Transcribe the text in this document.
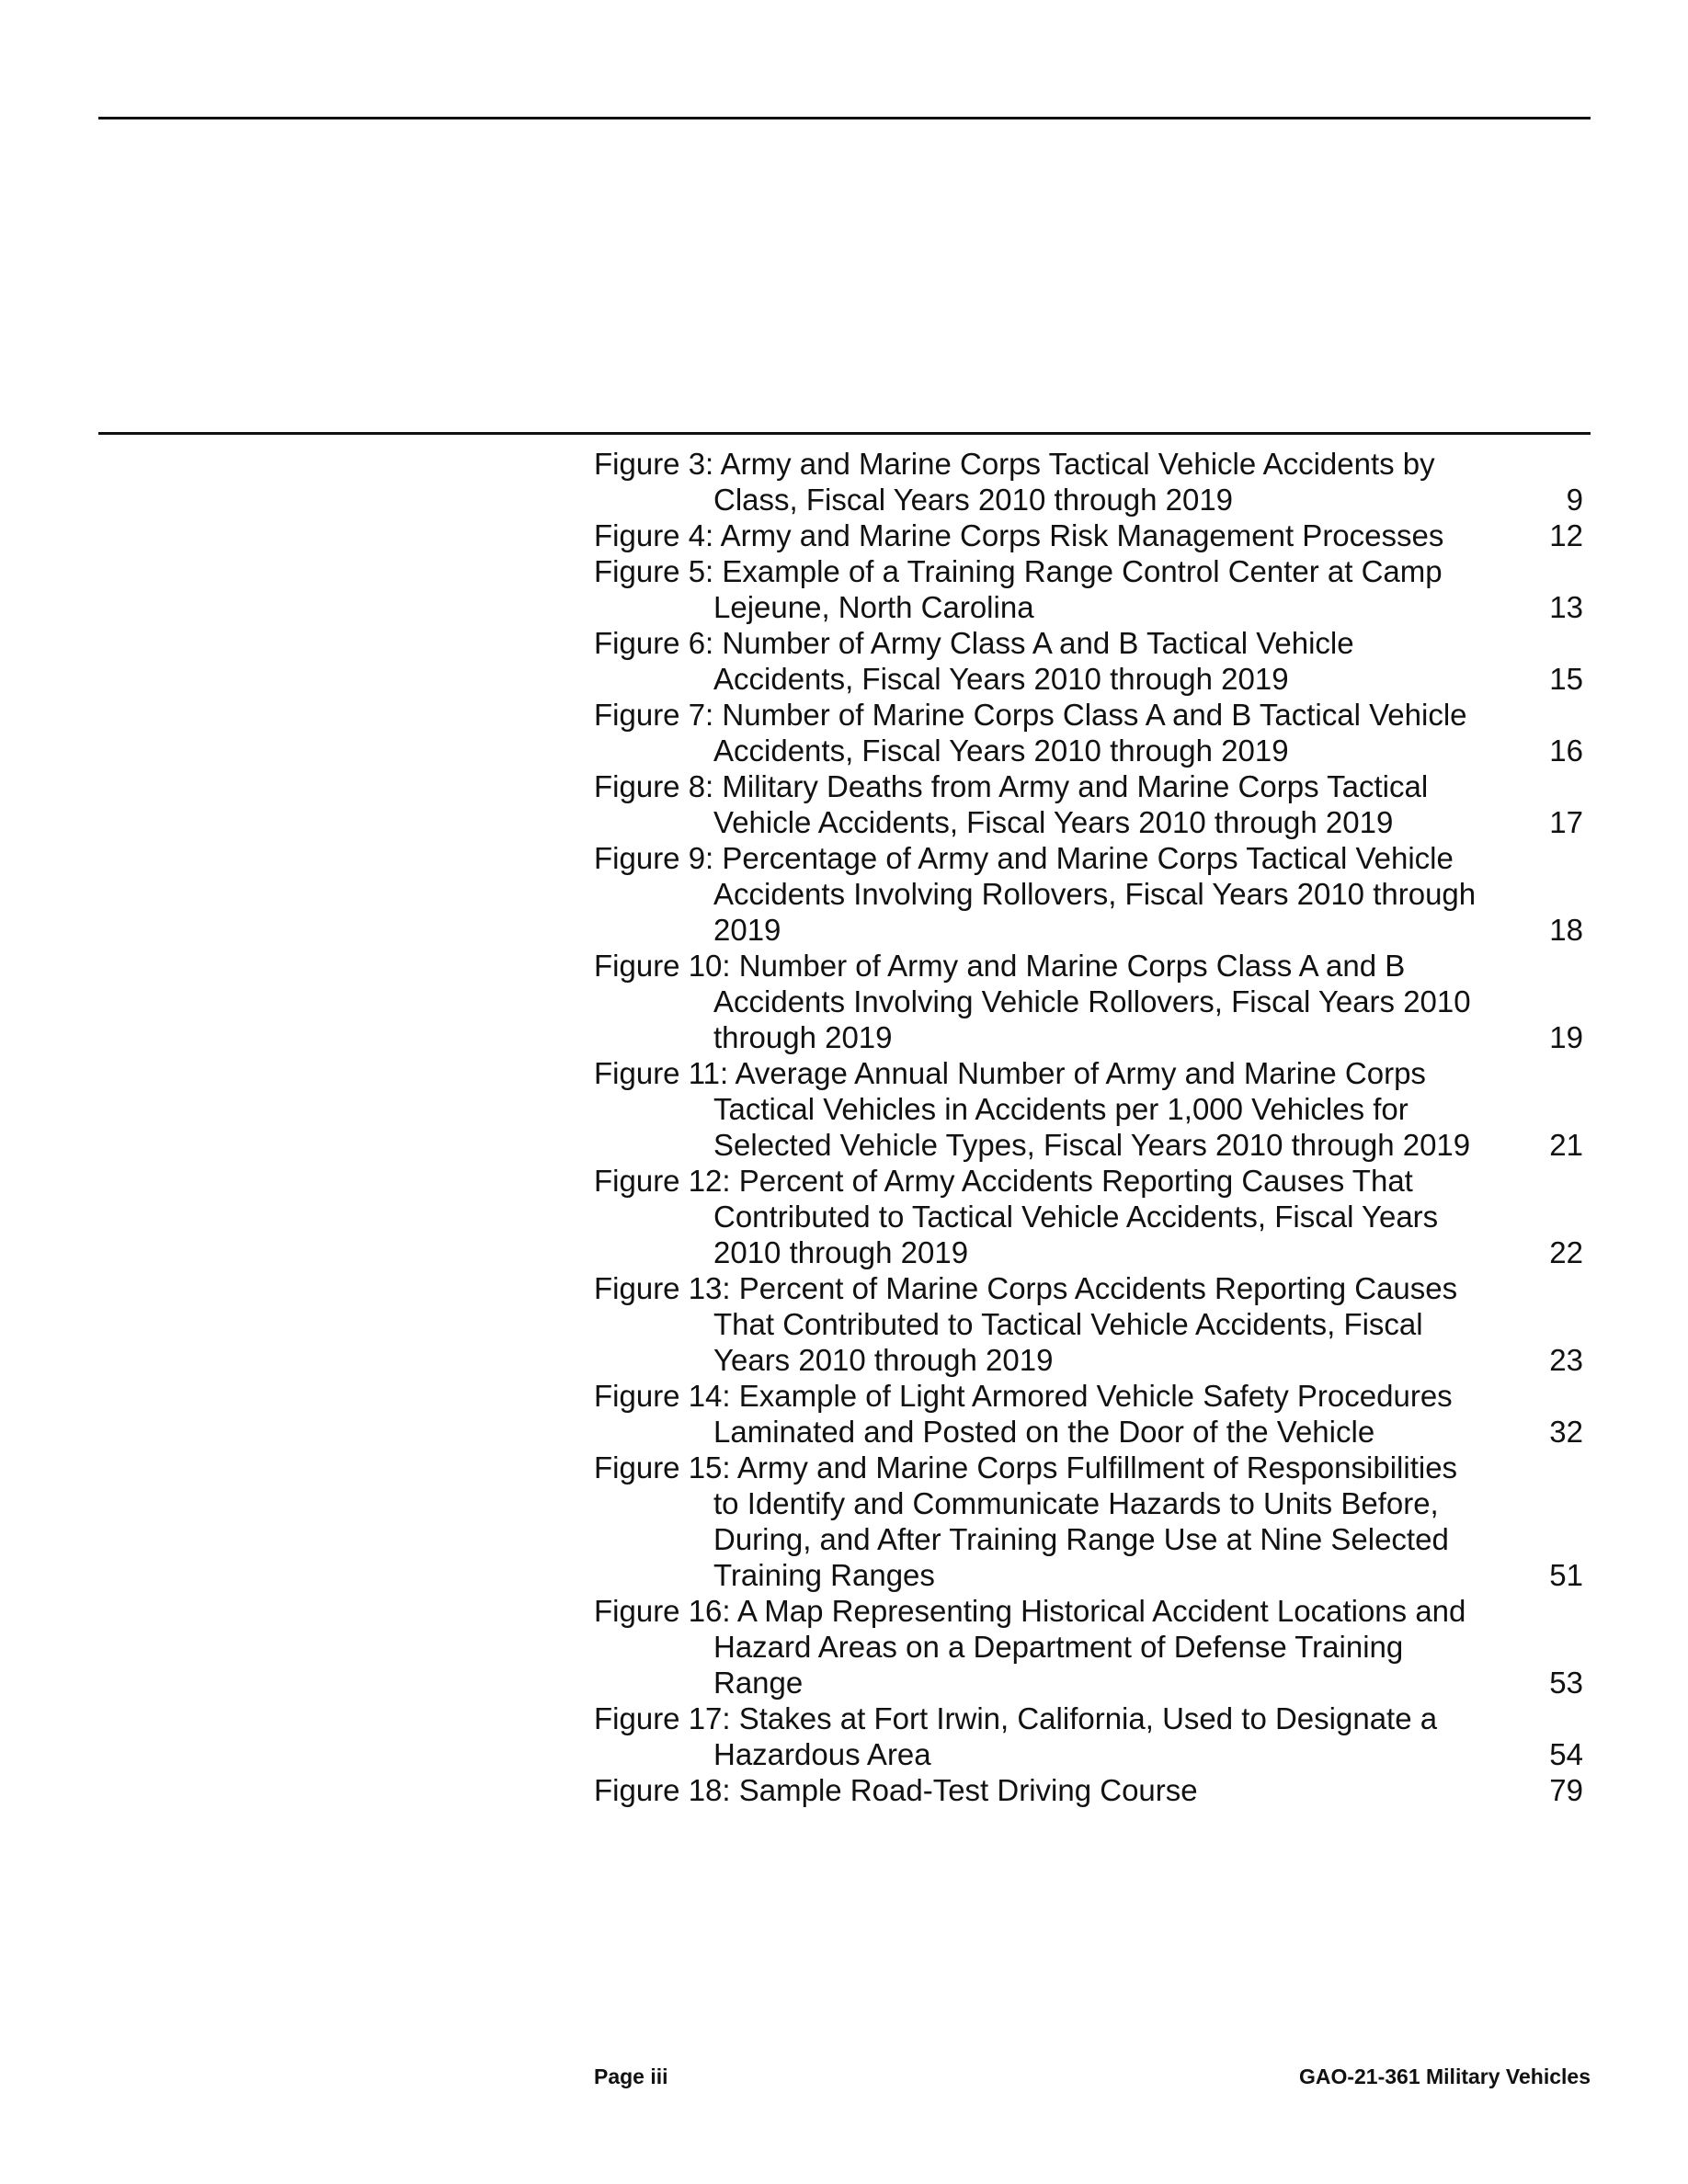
Figure 3: Army and Marine Corps Tactical Vehicle Accidents by Class, Fiscal Years 2010 through 2019	9
Figure 4: Army and Marine Corps Risk Management Processes	12
Figure 5: Example of a Training Range Control Center at Camp Lejeune, North Carolina	13
Figure 6: Number of Army Class A and B Tactical Vehicle Accidents, Fiscal Years 2010 through 2019	15
Figure 7: Number of Marine Corps Class A and B Tactical Vehicle Accidents, Fiscal Years 2010 through 2019	16
Figure 8: Military Deaths from Army and Marine Corps Tactical Vehicle Accidents, Fiscal Years 2010 through 2019	17
Figure 9: Percentage of Army and Marine Corps Tactical Vehicle Accidents Involving Rollovers, Fiscal Years 2010 through 2019	18
Figure 10: Number of Army and Marine Corps Class A and B Accidents Involving Vehicle Rollovers, Fiscal Years 2010 through 2019	19
Figure 11: Average Annual Number of Army and Marine Corps Tactical Vehicles in Accidents per 1,000 Vehicles for Selected Vehicle Types, Fiscal Years 2010 through 2019	21
Figure 12: Percent of Army Accidents Reporting Causes That Contributed to Tactical Vehicle Accidents, Fiscal Years 2010 through 2019	22
Figure 13: Percent of Marine Corps Accidents Reporting Causes That Contributed to Tactical Vehicle Accidents, Fiscal Years 2010 through 2019	23
Figure 14: Example of Light Armored Vehicle Safety Procedures Laminated and Posted on the Door of the Vehicle	32
Figure 15: Army and Marine Corps Fulfillment of Responsibilities to Identify and Communicate Hazards to Units Before, During, and After Training Range Use at Nine Selected Training Ranges	51
Figure 16: A Map Representing Historical Accident Locations and Hazard Areas on a Department of Defense Training Range	53
Figure 17: Stakes at Fort Irwin, California, Used to Designate a Hazardous Area	54
Figure 18: Sample Road-Test Driving Course	79
Page iii	GAO-21-361 Military Vehicles
